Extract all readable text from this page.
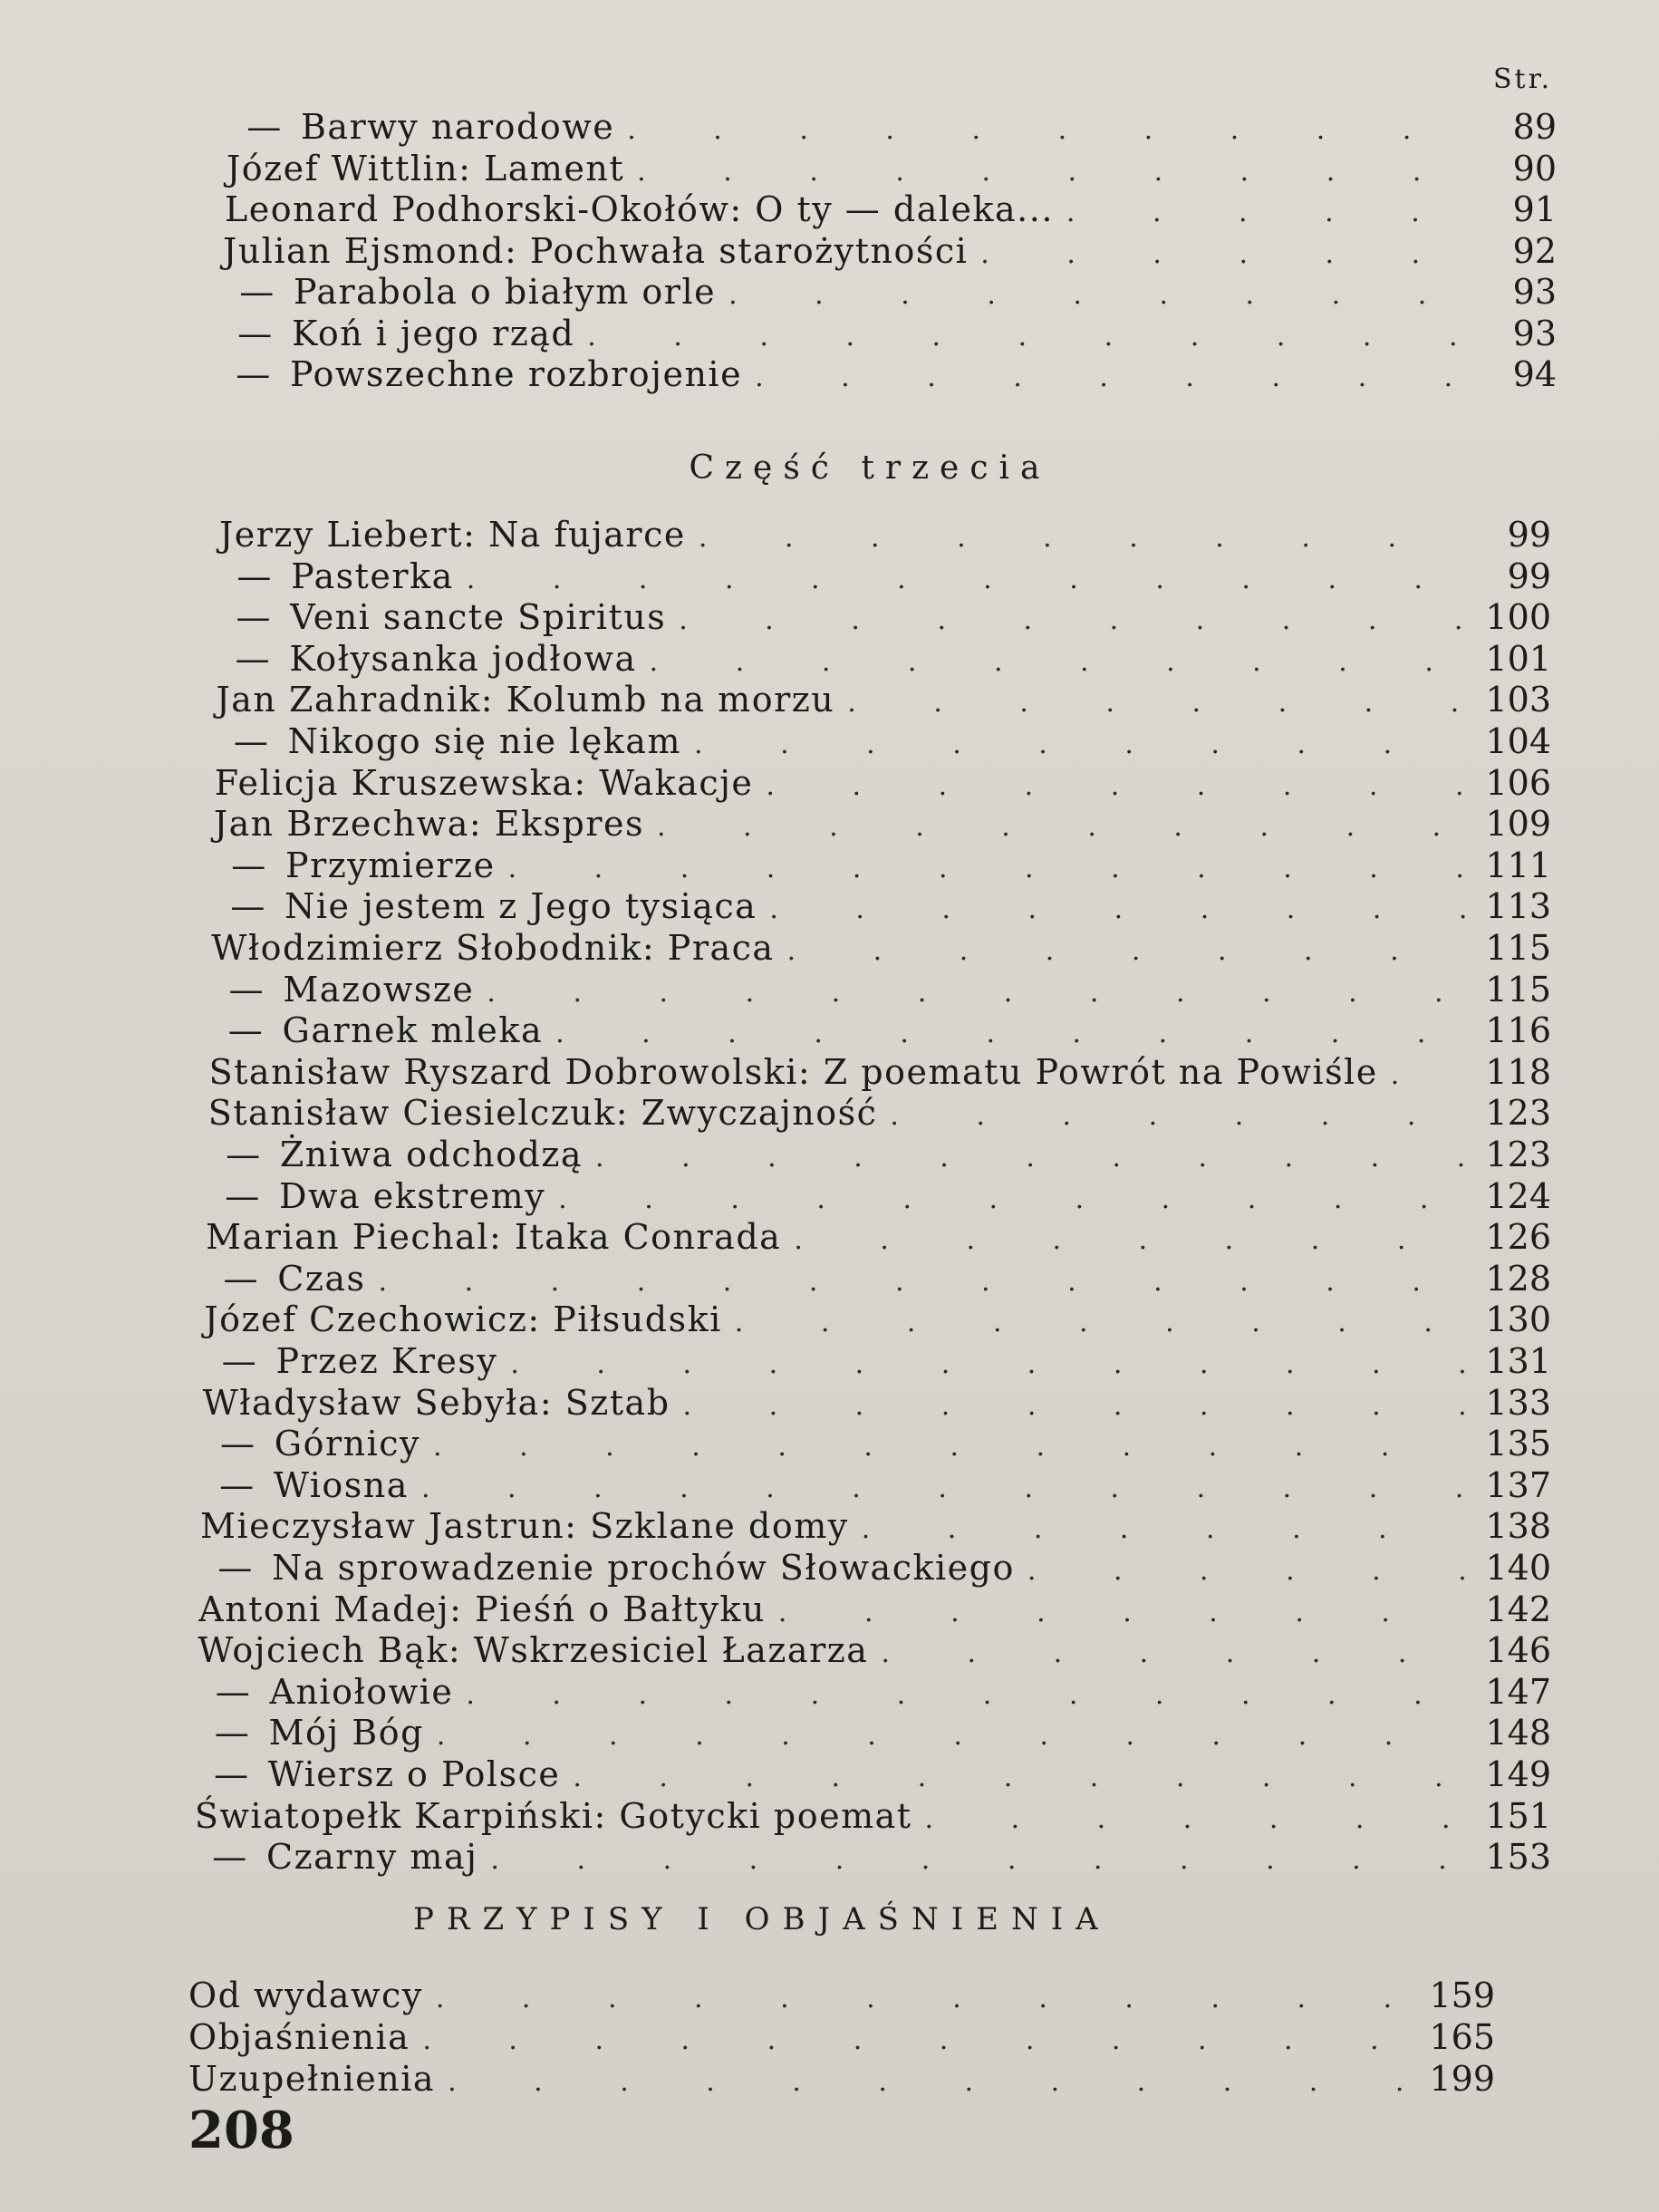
Str.
— Barwy narodowe . . .	89
Józef Wittlin: Lament . . .	90
Leonard Podhorski-Okołów: O ty — daleka... . . .	91
Julian Ejsmond: Pochwała starożytności . . .	92
— Parabola o białym orle . . .	93
— Koń i jego rząd . . .	93
— Powszechne rozbrojenie . . .	94
Część trzecia
Jerzy Liebert: Na fujarce . . .	99
— Pasterka . . .	99
— Veni sancte Spiritus . . .	100
— Kołysanka jodłowa . . .	101
Jan Zahradnik: Kolumb na morzu . . .	103
— Nikogo się nie lękam . . .	104
Felicja Kruszewska: Wakacje . . .	106
Jan Brzechwa: Ekspres . . .	109
— Przymierze . . .	111
— Nie jestem z Jego tysiąca . . .	113
Włodzimierz Słobodnik: Praca . . .	115
— Mazowsze . . .	115
— Garnek mleka . . .	116
Stanisław Ryszard Dobrowolski: Z poematu Powrót na Powiśle . . .	118
Stanisław Ciesielczuk: Zwyczajność . . .	123
— Żniwa odchodzą . . .	123
— Dwa ekstremy . . .	124
Marian Piechal: Itaka Conrada . . .	126
— Czas . . .	128
Józef Czechowicz: Piłsudski . . .	130
— Przez Kresy . . .	131
Władysław Sebyła: Sztab . . .	133
— Górnicy . . .	135
— Wiosna . . .	137
Mieczysław Jastrun: Szklane domy . . .	138
— Na sprowadzenie prochów Słowackiego . . .	140
Antoni Madej: Pieśń o Bałtyku . . .	142
Wojciech Bąk: Wskrzesiciel Łazarza . . .	146
— Aniołowie . . .	147
— Mój Bóg . . .	148
— Wiersz o Polsce . . .	149
Światopełk Karpiński: Gotycki poemat . . .	151
— Czarny maj . . .	153
PRZYPISY I OBJAŚNIENIA
Od wydawcy . . .	159
Objaśnienia . . .	165
Uzupełnienia . . .	199
208
